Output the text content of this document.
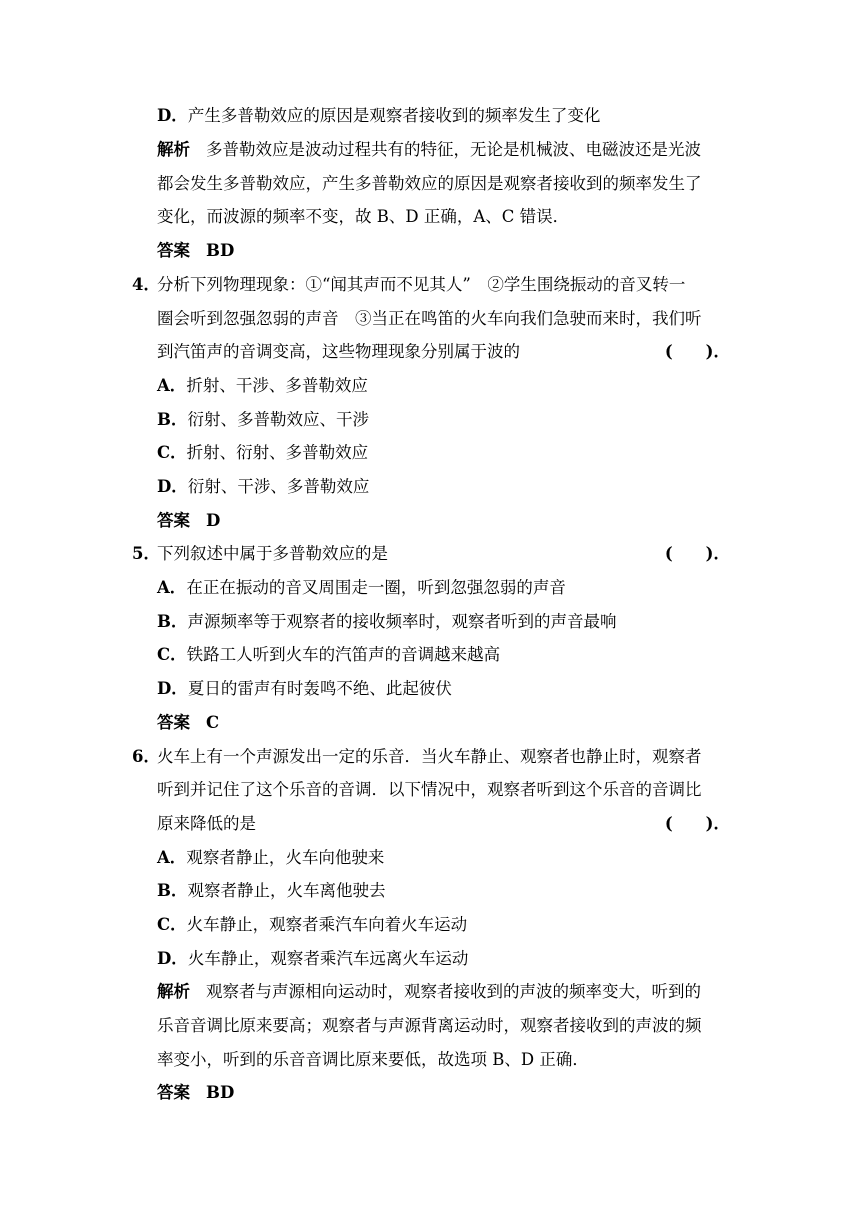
D．产生多普勒效应的原因是观察者接收到的频率发生了变化
解析 多普勒效应是波动过程共有的特征，无论是机械波、电磁波还是光波
都会发生多普勒效应，产生多普勒效应的原因是观察者接收到的频率发生了
变化，而波源的频率不变，故 B、D 正确，A、C 错误．
答案 BD
4．
分析下列物理现象：①“闻其声而不见其人”　②学生围绕振动的音叉转一
圈会听到忽强忽弱的声音　③当正在鸣笛的火车向我们急驶而来时，我们听
到汽笛声的音调变高，这些物理现象分别属于波的	(　　)．
A．折射、干涉、多普勒效应
B．衍射、多普勒效应、干涉
C．折射、衍射、多普勒效应
D．衍射、干涉、多普勒效应
答案 D
5．
下列叙述中属于多普勒效应的是	(　　)．
A．在正在振动的音叉周围走一圈，听到忽强忽弱的声音
B．声源频率等于观察者的接收频率时，观察者听到的声音最响
C．铁路工人听到火车的汽笛声的音调越来越高
D．夏日的雷声有时轰鸣不绝、此起彼伏
答案 C
6．
火车上有一个声源发出一定的乐音．当火车静止、观察者也静止时，观察者
听到并记住了这个乐音的音调．以下情况中，观察者听到这个乐音的音调比
原来降低的是	(　　)．
A．观察者静止，火车向他驶来
B．观察者静止，火车离他驶去
C．火车静止，观察者乘汽车向着火车运动
D．火车静止，观察者乘汽车远离火车运动
解析 观察者与声源相向运动时，观察者接收到的声波的频率变大，听到的
乐音音调比原来要高；观察者与声源背离运动时，观察者接收到的声波的频
率变小，听到的乐音音调比原来要低，故选项 B、D 正确．
答案 BD
